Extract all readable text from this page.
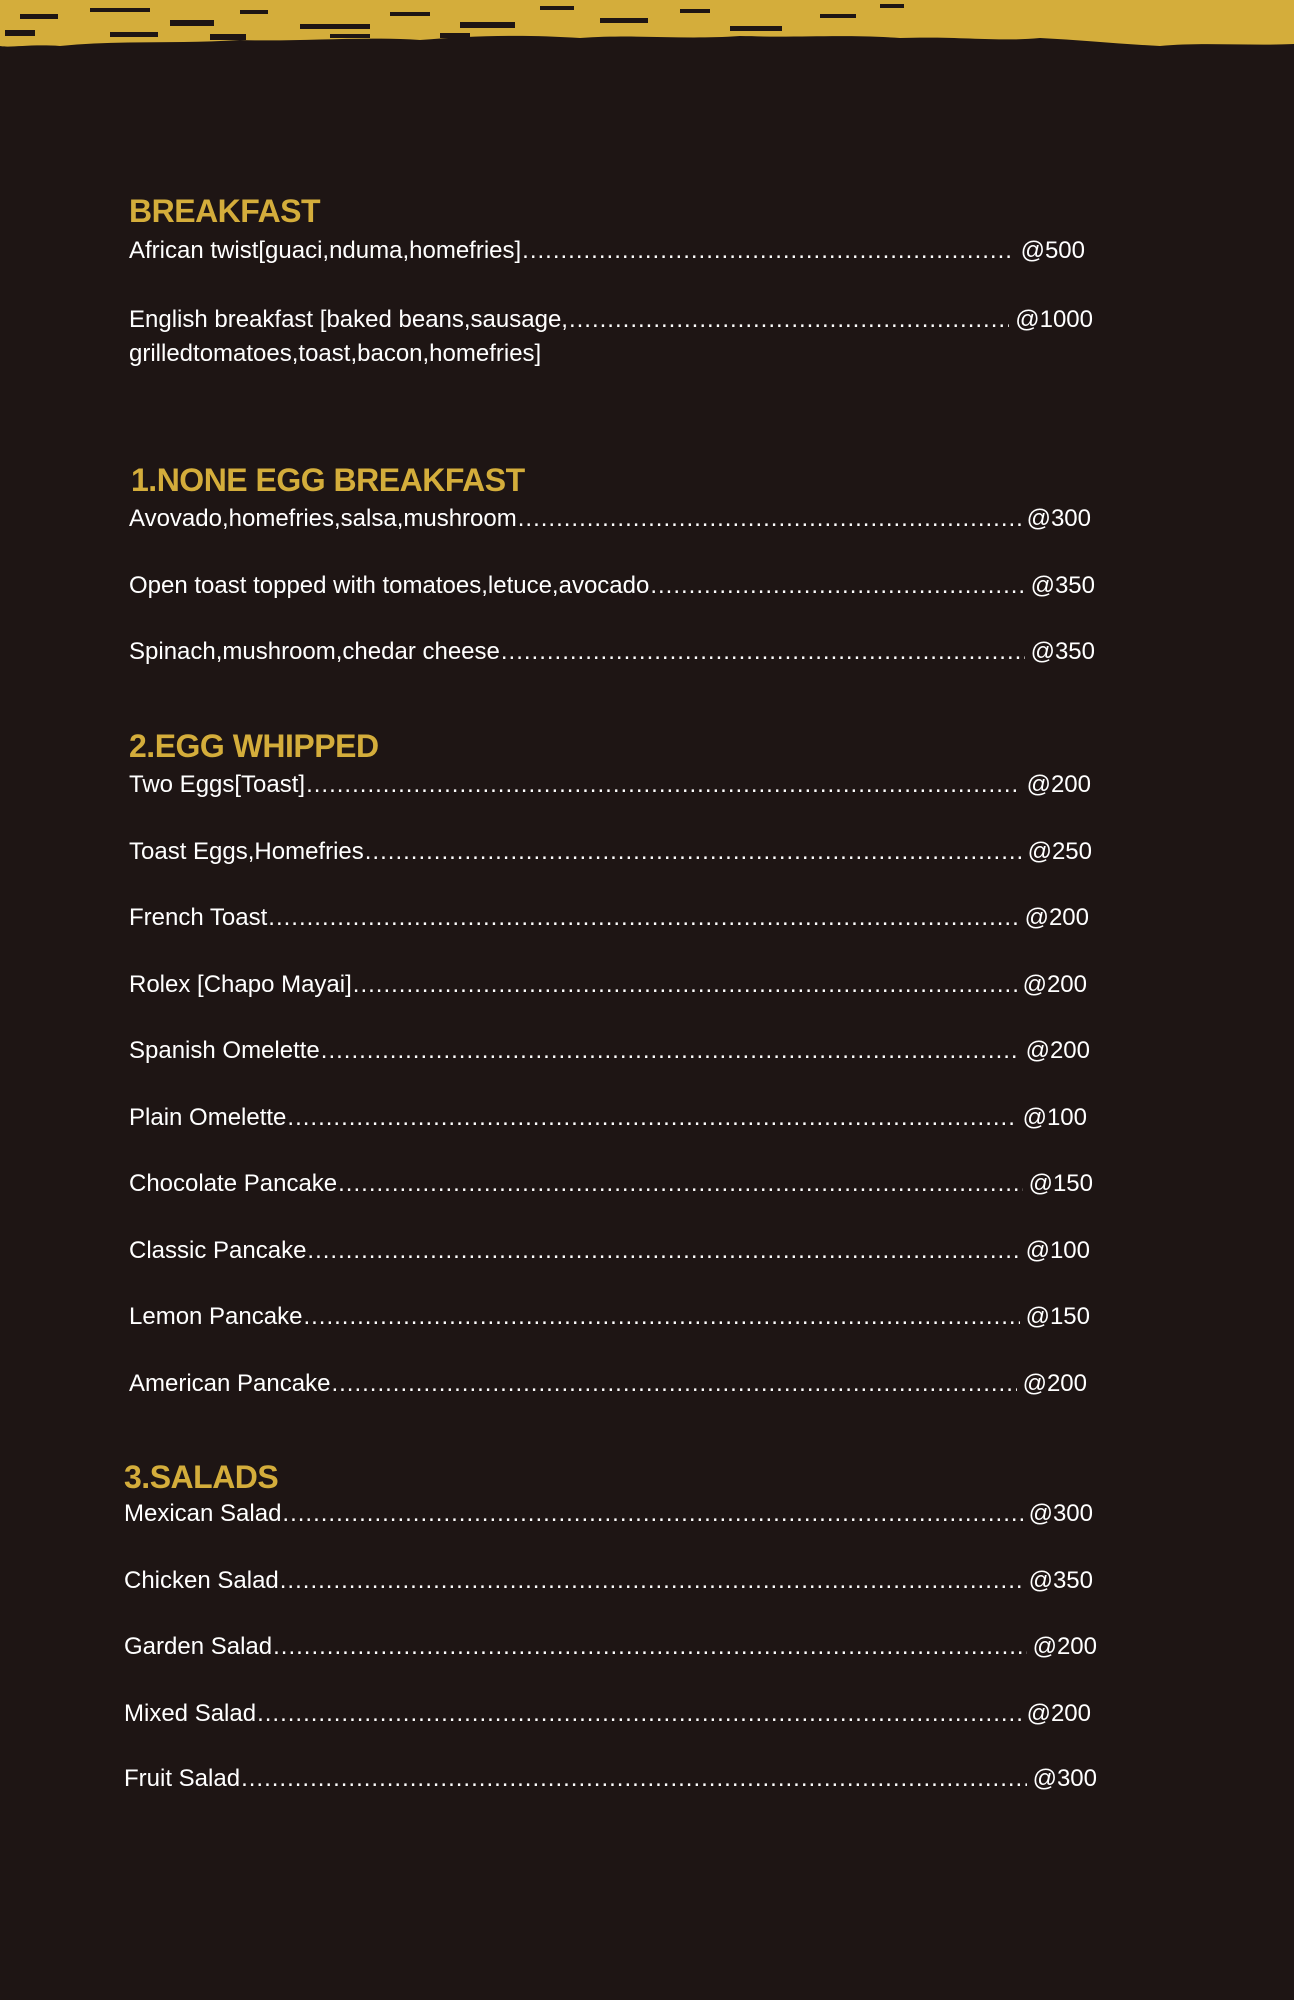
BREAKFAST
African twist[guaci,nduma,homefries] .....	@500
English breakfast [baked beans,sausage, .....	@1000
grilledtomatoes,toast,bacon,homefries]
1.NONE EGG BREAKFAST
Avovado,homefries,salsa,mushroom .....	@300
Open toast topped with tomatoes,letuce,avocado .....	@350
Spinach,mushroom,chedar cheese .....	@350
2.EGG WHIPPED
Two Eggs[Toast] .....	@200
Toast Eggs,Homefries .....	@250
French Toast .....	@200
Rolex [Chapo Mayai] .....	@200
Spanish Omelette .....	@200
Plain Omelette .....	@100
Chocolate Pancake .....	@150
Classic Pancake .....	@100
Lemon Pancake .....	@150
American Pancake .....	@200
3.SALADS
Mexican Salad .....	@300
Chicken Salad .....	@350
Garden Salad .....	@200
Mixed Salad .....	@200
Fruit Salad .....	@300
